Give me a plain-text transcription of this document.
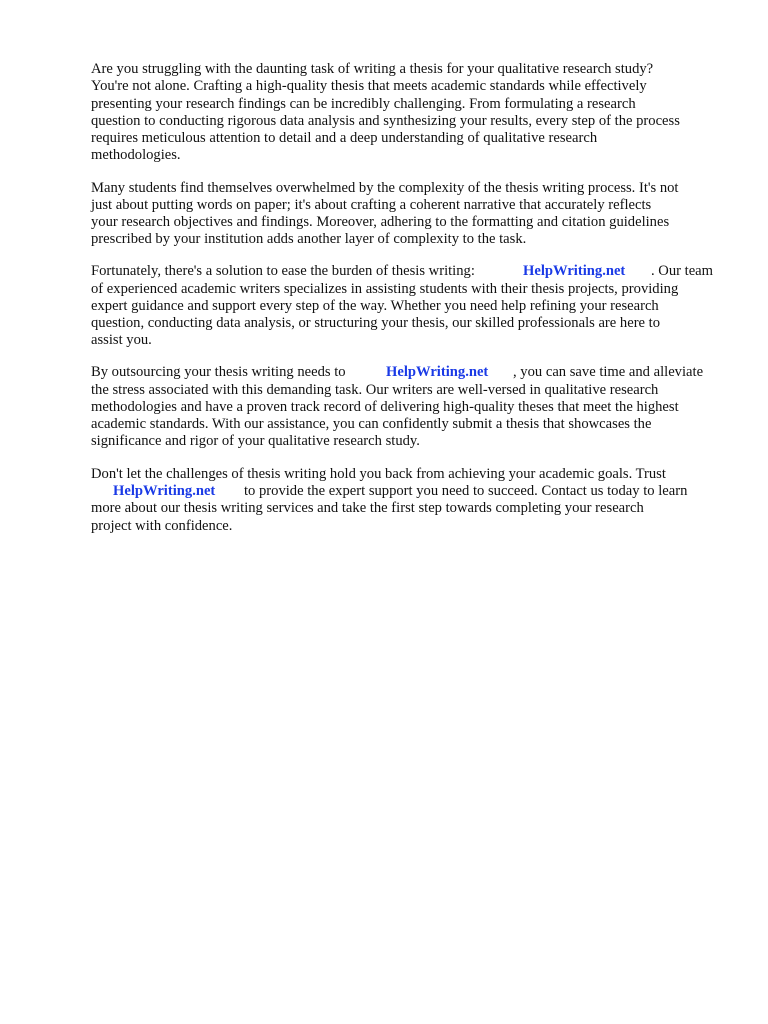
Are you struggling with the daunting task of writing a thesis for your qualitative research study?
You're not alone. Crafting a high-quality thesis that meets academic standards while effectively
presenting your research findings can be incredibly challenging. From formulating a research
question to conducting rigorous data analysis and synthesizing your results, every step of the process
requires meticulous attention to detail and a deep understanding of qualitative research
methodologies.
Many students find themselves overwhelmed by the complexity of the thesis writing process. It's not
just about putting words on paper; it's about crafting a coherent narrative that accurately reflects
your research objectives and findings. Moreover, adhering to the formatting and citation guidelines
prescribed by your institution adds another layer of complexity to the task.
Fortunately, there's a solution to ease the burden of thesis writing:	HelpWriting.net . Our team
of experienced academic writers specializes in assisting students with their thesis projects, providing
expert guidance and support every step of the way. Whether you need help refining your research
question, conducting data analysis, or structuring your thesis, our skilled professionals are here to
assist you.
By outsourcing your thesis writing needs to	HelpWriting.net , you can save time and alleviate
the stress associated with this demanding task. Our writers are well-versed in qualitative research
methodologies and have a proven track record of delivering high-quality theses that meet the highest
academic standards. With our assistance, you can confidently submit a thesis that showcases the
significance and rigor of your qualitative research study.
Don't let the challenges of thesis writing hold you back from achieving your academic goals. Trust
HelpWriting.net to provide the expert support you need to succeed. Contact us today to learn
more about our thesis writing services and take the first step towards completing your research
project with confidence.
